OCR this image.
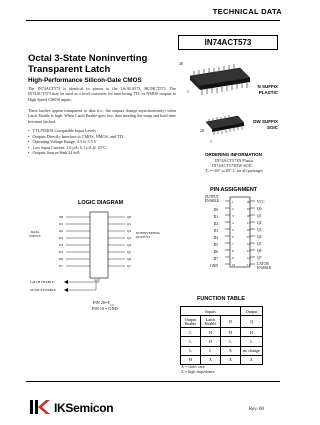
TECHNICAL DATA
IN74ACT573
Octal 3-State Noninverting
Transparent Latch
High-Performance Silicon-Gate CMOS
The IN74ACT573 is identical in pinout to the LS/ALS573, HC/HCT573. The IN74ACT573 may be used as a level converter for interfacing TTL or NMOS outputs to High Speed CMOS inputs.
These latches appear transparent to data (i.e., the outputs change asynchronously) when Latch Enable is high. When Latch Enable goes low, data meeting the setup and hold time becomes latched.
• TTL/NMOS Compatible Input Levels
• Outputs Directly Interface to CMOS, NMOS, and TTL
• Operating Voltage Range: 4.5 to 5.5 V
• Low Input Current: 1.0 µA; 0.1 µA @ 25°C
• Outputs Source/Sink 24 mA
20
1
N SUFFIX
PLASTIC
20
1
DW SUFFIX
SOIC
ORDERING INFORMATION
IN74ACT573N Plastic
IN74ACT573DW SOIC
Tₐ = -40° to 85° C for all packages
PIN ASSIGNMENT
OUTPUT ENABLE
D0
D1
D2
D3
D4
D5
D6
D7
GND
1
2
3
4
5
6
7
8
9
10
20
19
18
17
16
15
14
13
12
11
VCC
Q0
Q1
Q2
Q3
Q4
Q5
Q6
Q7
LATCH ENABLE
LOGIC DIAGRAM
D0
D1
D2
D3
D4
D5
D6
D7
Q0
Q1
Q2
Q3
Q4
Q5
Q6
Q7
DATA INPUTS
NONINVERTING OUTPUTS
LATCH ENABLE
OUTPUT ENABLE
PIN $20=V_{CC}$
PIN 10 = GND
FUNCTION TABLE
Inputs			Output
Output Enable	Latch Enable	D	Q
L	H	H	H
L	H	L	L
L	L	X	no change
H	X	X	Z
X = don't care
Z = high impedance
IKSemicon	Rev. 00
